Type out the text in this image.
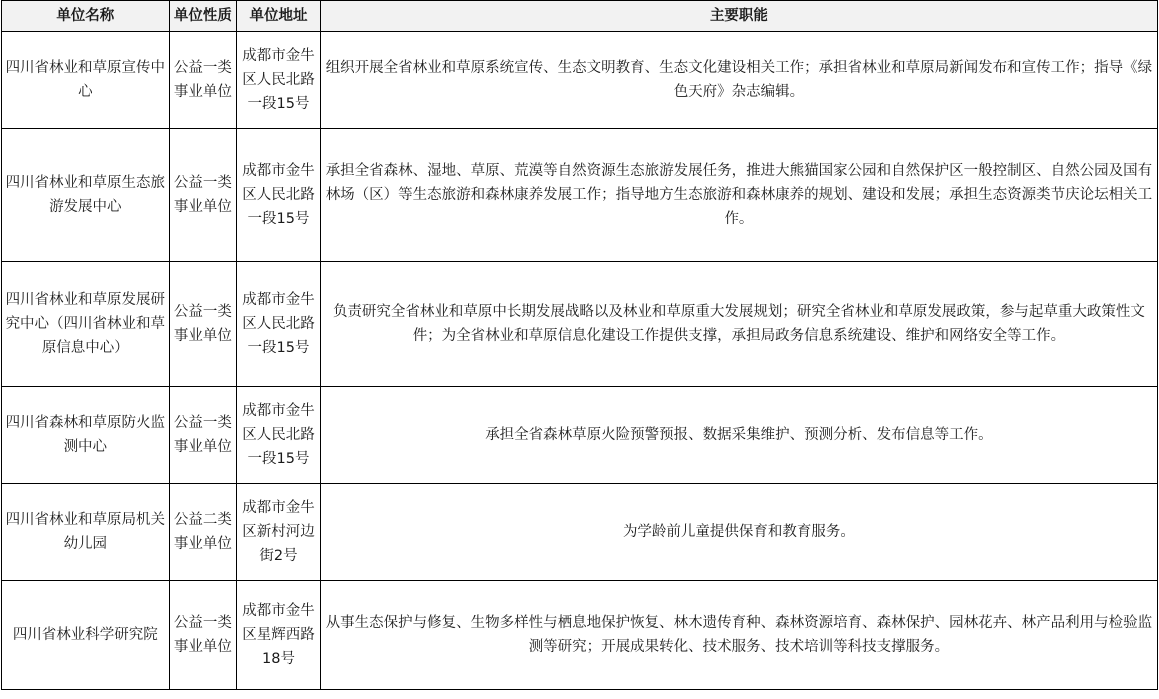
单位名称	单位性质	单位地址	主要职能
四川省林业和草原宣传中心	公益一类事业单位	成都市金牛区人民北路一段15号	组织开展全省林业和草原系统宣传、生态文明教育、生态文化建设相关工作；承担省林业和草原局新闻发布和宣传工作；指导《绿色天府》杂志编辑。
四川省林业和草原生态旅游发展中心	公益一类事业单位	成都市金牛区人民北路一段15号	承担全省森林、湿地、草原、荒漠等自然资源生态旅游发展任务，推进大熊猫国家公园和自然保护区一般控制区、自然公园及国有林场（区）等生态旅游和森林康养发展工作；指导地方生态旅游和森林康养的规划、建设和发展；承担生态资源类节庆论坛相关工作。
四川省林业和草原发展研究中心（四川省林业和草原信息中心）	公益一类事业单位	成都市金牛区人民北路一段15号	负责研究全省林业和草原中长期发展战略以及林业和草原重大发展规划；研究全省林业和草原发展政策，参与起草重大政策性文件；为全省林业和草原信息化建设工作提供支撑，承担局政务信息系统建设、维护和网络安全等工作。
四川省森林和草原防火监测中心	公益一类事业单位	成都市金牛区人民北路一段15号	承担全省森林草原火险预警预报、数据采集维护、预测分析、发布信息等工作。
四川省林业和草原局机关幼儿园	公益二类事业单位	成都市金牛区新村河边街2号	为学龄前儿童提供保育和教育服务。
四川省林业科学研究院	公益一类事业单位	成都市金牛区星辉西路18号	从事生态保护与修复、生物多样性与栖息地保护恢复、林木遗传育种、森林资源培育、森林保护、园林花卉、林产品利用与检验监测等研究；开展成果转化、技术服务、技术培训等科技支撑服务。
